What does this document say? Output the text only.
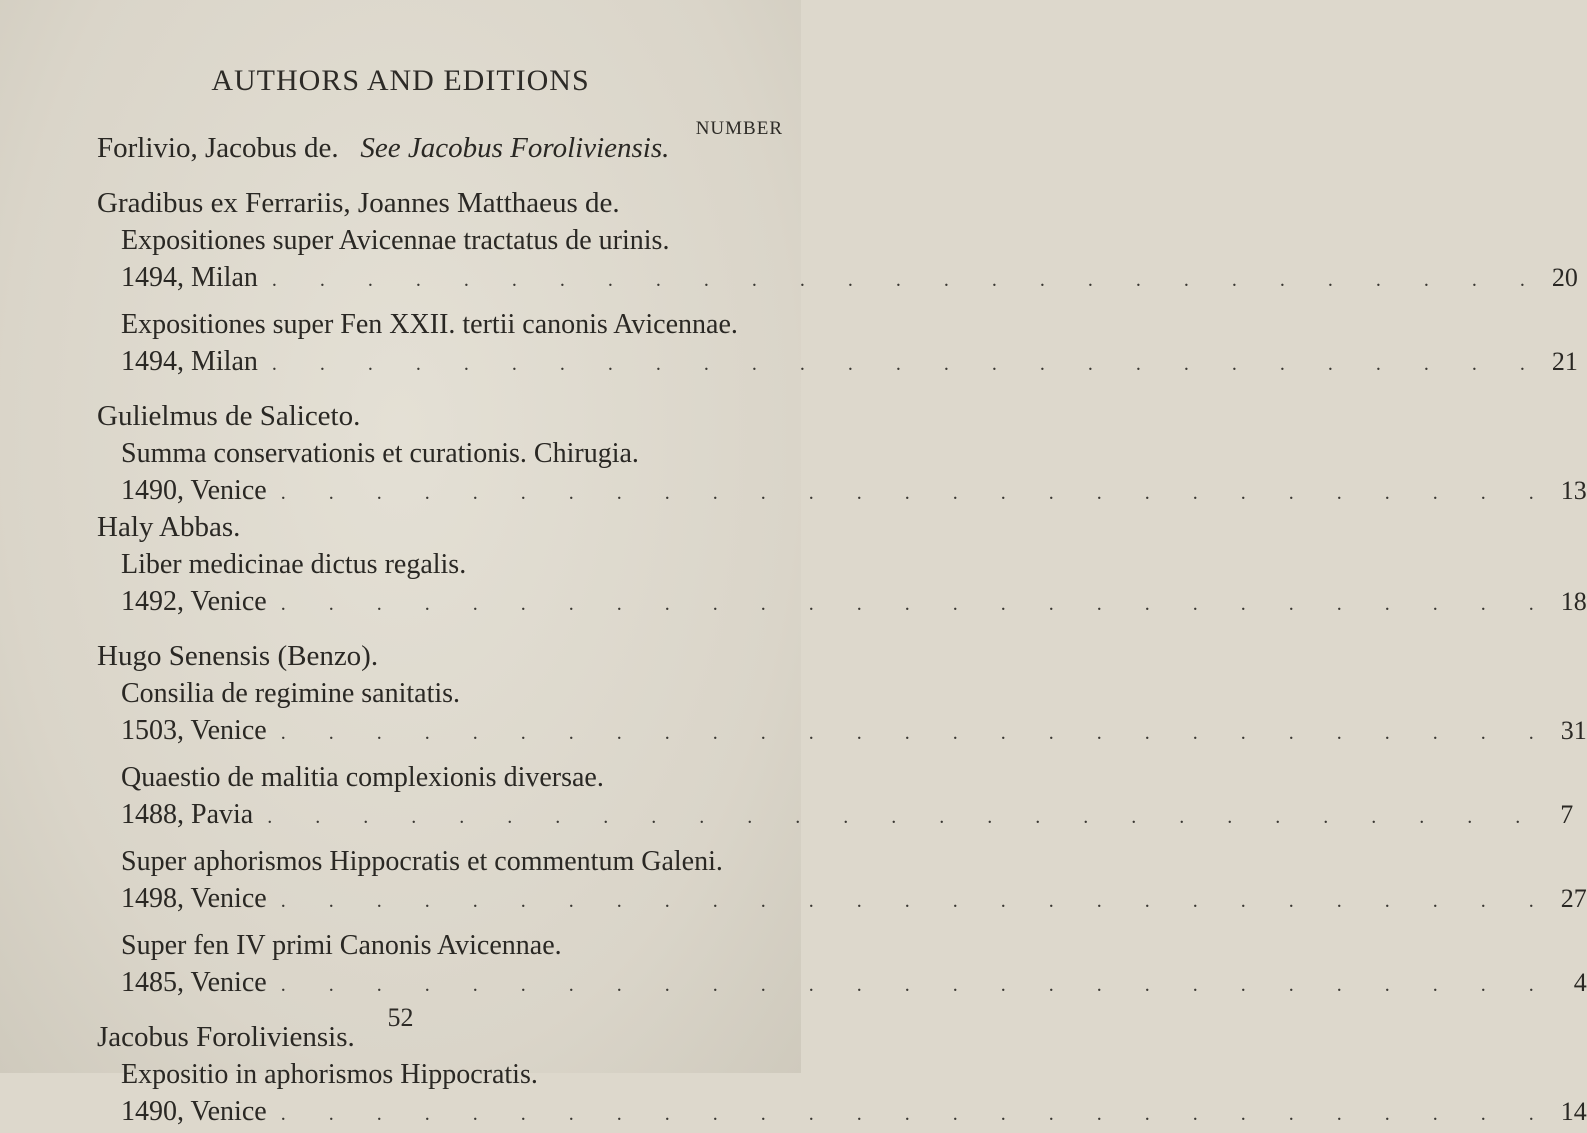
AUTHORS AND EDITIONS
NUMBER
Forlivio, Jacobus de. See Jacobus Foroliviensis.
Gradibus ex Ferrariis, Joannes Matthaeus de.
Expositiones super Avicennae tractatus de urinis.
1494, Milan . . . . . . . . . . . . . . . . . . . . . . . . . . . 20
Expositiones super Fen XXII. tertii canonis Avicennae.
1494, Milan . . . . . . . . . . . . . . . . . . . . . . . . . . . 21
Gulielmus de Saliceto.
Summa conservationis et curationis. Chirugia.
1490, Venice . . . . . . . . . . . . . . . . . . . . . . . . . . . 13
Haly Abbas.
Liber medicinae dictus regalis.
1492, Venice . . . . . . . . . . . . . . . . . . . . . . . . . . . 18
Hugo Senensis (Benzo).
Consilia de regimine sanitatis.
1503, Venice . . . . . . . . . . . . . . . . . . . . . . . . . . . 31
Quaestio de malitia complexionis diversae.
1488, Pavia . . . . . . . . . . . . . . . . . . . . . . . . . . . 7
Super aphorismos Hippocratis et commentum Galeni.
1498, Venice . . . . . . . . . . . . . . . . . . . . . . . . . . . 27
Super fen IV primi Canonis Avicennae.
1485, Venice . . . . . . . . . . . . . . . . . . . . . . . . . . . 4
Jacobus Foroliviensis.
Expositio in aphorismos Hippocratis.
1490, Venice . . . . . . . . . . . . . . . . . . . . . . . . . . . 14
52
